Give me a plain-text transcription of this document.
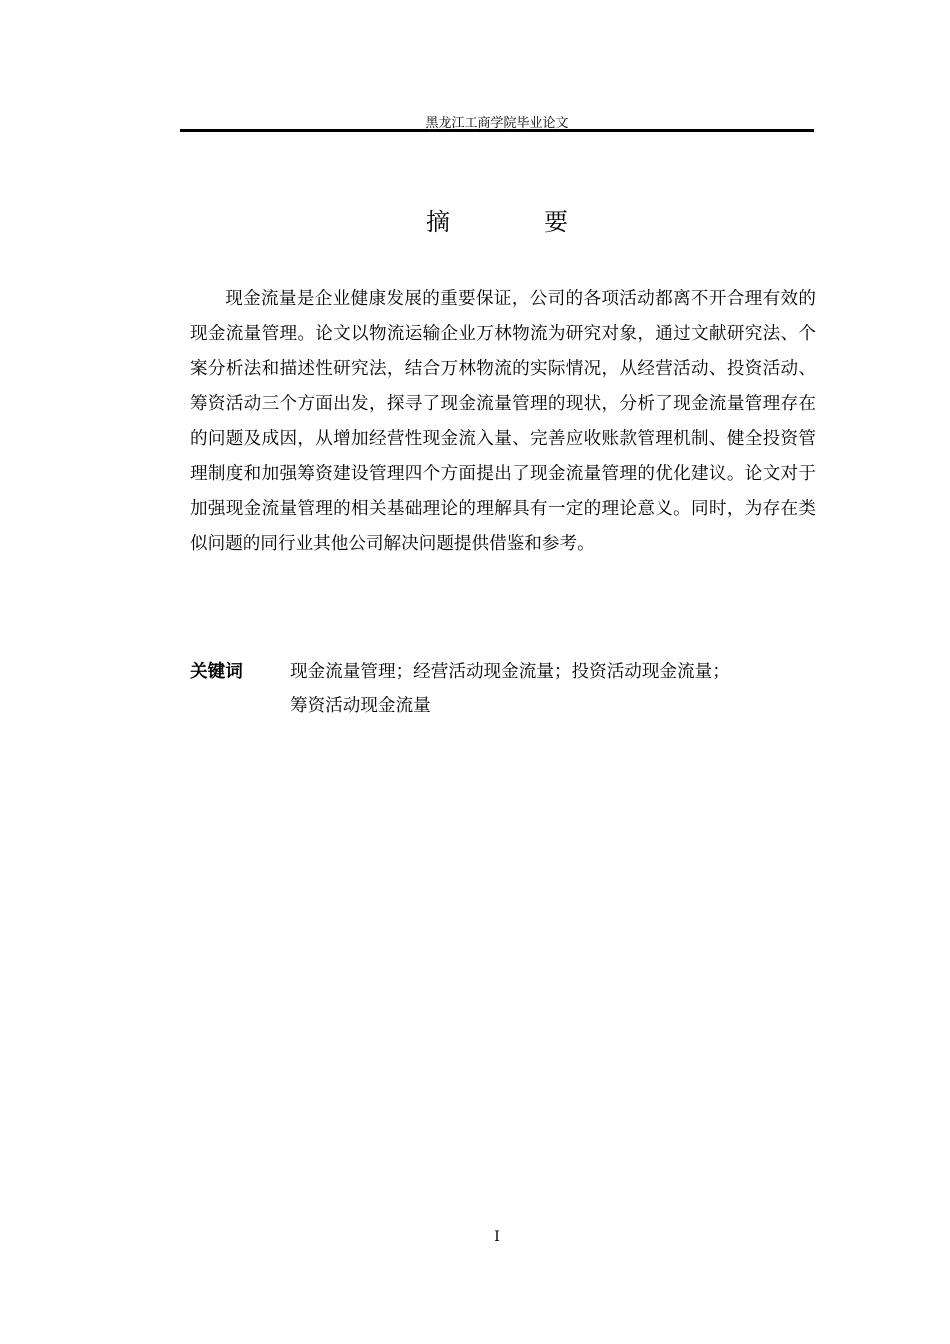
黑龙江工商学院毕业论文
摘	要

现金流量是企业健康发展的重要保证，公司的各项活动都离不开合理有效的现金流量管理。论文以物流运输企业万林物流为研究对象，通过文献研究法、个案分析法和描述性研究法，结合万林物流的实际情况，从经营活动、投资活动、筹资活动三个方面出发，探寻了现金流量管理的现状，分析了现金流量管理存在的问题及成因，从增加经营性现金流入量、完善应收账款管理机制、健全投资管理制度和加强筹资建设管理四个方面提出了现金流量管理的优化建议。论文对于加强现金流量管理的相关基础理论的理解具有一定的理论意义。同时，为存在类似问题的同行业其他公司解决问题提供借鉴和参考。

关键词	现金流量管理；经营活动现金流量；投资活动现金流量；
筹资活动现金流量
I
